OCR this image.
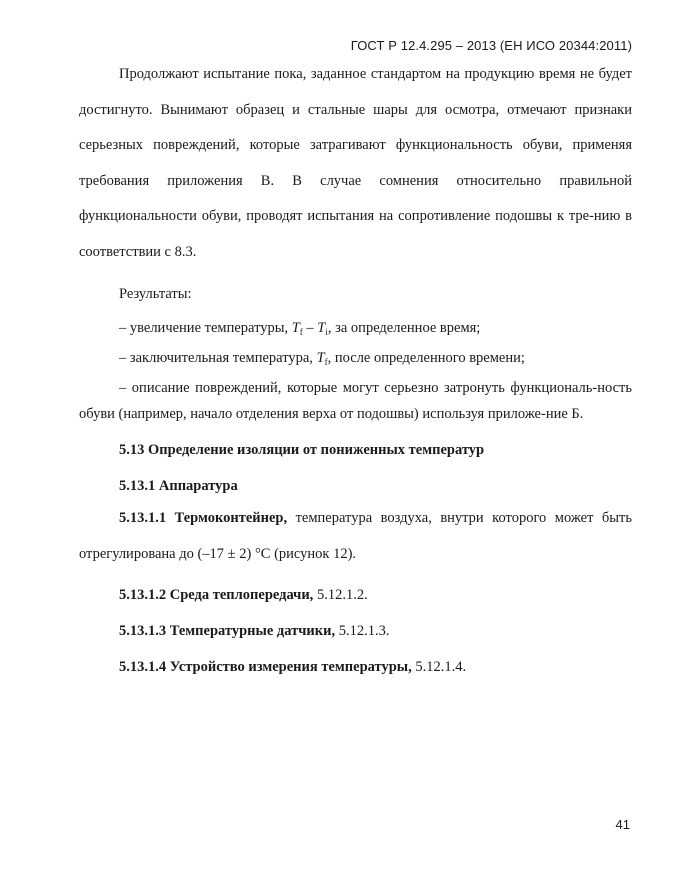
ГОСТ Р 12.4.295 – 2013 (ЕН ИСО 20344:2011)

Продолжают испытание пока, заданное стандартом на продукцию время не будет достигнуто. Вынимают образец и стальные шары для осмотра, отмечают признаки серьезных повреждений, которые затрагивают функциональность обуви, применяя требования приложения В. В случае сомнения относительно правильной функциональности обуви, проводят испытания на сопротивление подошвы к тре-нию в соответствии с 8.3.

Результаты:

– увеличение температуры, $T_f - T_i$, за определенное время;

– заключительная температура, $T_f$, после определенного времени;

– описание повреждений, которые могут серьезно затронуть функциональ-ность обуви (например, начало отделения верха от подошвы) используя приложе-ние Б.

5.13 Определение изоляции от пониженных температур

5.13.1 Аппаратура

5.13.1.1 Термоконтейнер, температура воздуха, внутри которого может быть отрегулирована до (–17 ± 2) °С (рисунок 12).

5.13.1.2 Среда теплопередачи, 5.12.1.2.

5.13.1.3 Температурные датчики, 5.12.1.3.

5.13.1.4 Устройство измерения температуры, 5.12.1.4.

41
